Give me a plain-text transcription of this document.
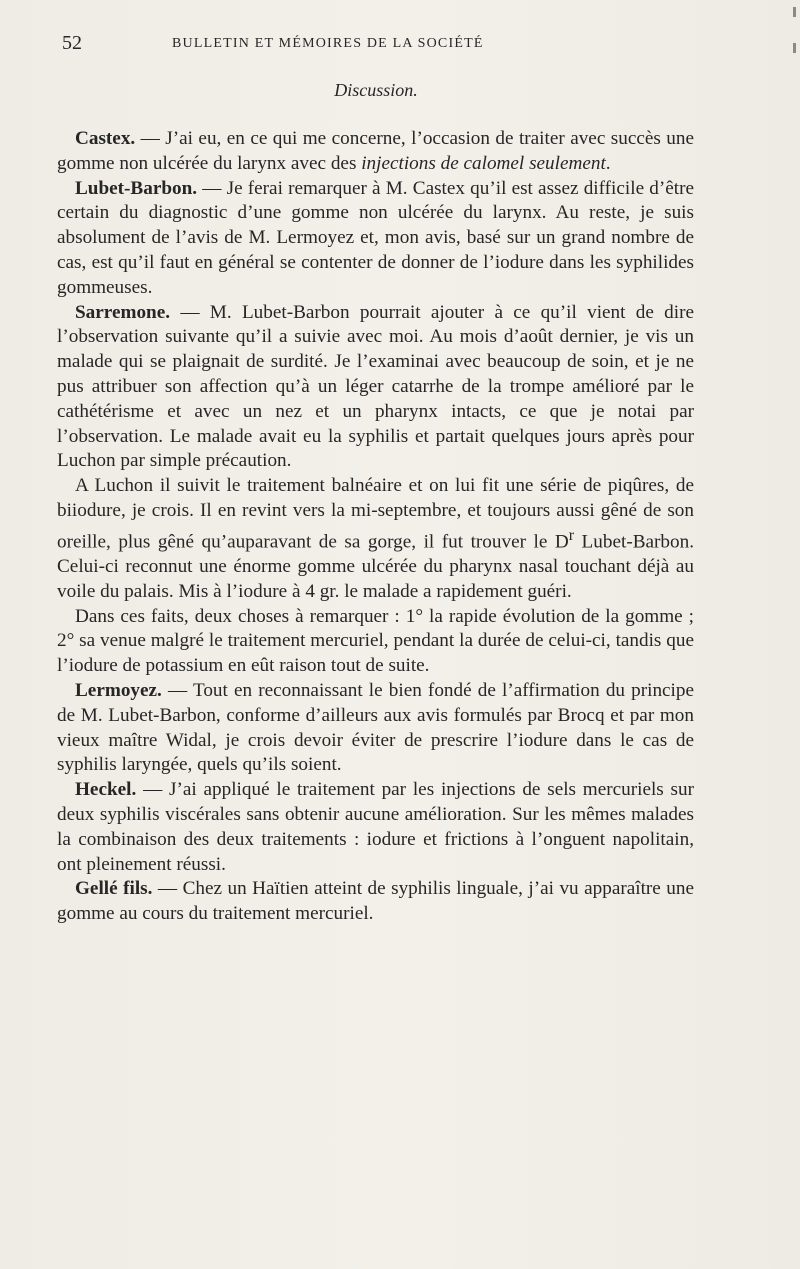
52	BULLETIN ET MÉMOIRES DE LA SOCIÉTÉ
Discussion.

Castex. — J’ai eu, en ce qui me concerne, l’occasion de traiter avec succès une gomme non ulcérée du larynx avec des injections de calomel seulement.

Lubet-Barbon. — Je ferai remarquer à M. Castex qu’il est assez difficile d’être certain du diagnostic d’une gomme non ulcérée du larynx. Au reste, je suis absolument de l’avis de M. Lermoyez et, mon avis, basé sur un grand nombre de cas, est qu’il faut en général se contenter de donner de l’iodure dans les syphilides gommeuses.

Sarremone. — M. Lubet-Barbon pourrait ajouter à ce qu’il vient de dire l’observation suivante qu’il a suivie avec moi. Au mois d’août dernier, je vis un malade qui se plaignait de surdité. Je l’examinai avec beaucoup de soin, et je ne pus attribuer son affection qu’à un léger catarrhe de la trompe amélioré par le cathétérisme et avec un nez et un pharynx intacts, ce que je notai par l’observation. Le malade avait eu la syphilis et partait quelques jours après pour Luchon par simple précaution.

A Luchon il suivit le traitement balnéaire et on lui fit une série de piqûres, de biiodure, je crois. Il en revint vers la mi-septembre, et toujours aussi gêné de son oreille, plus gêné qu’auparavant de sa gorge, il fut trouver le $D^r$ Lubet-Barbon. Celui-ci reconnut une énorme gomme ulcérée du pharynx nasal touchant déjà au voile du palais. Mis à l’iodure à 4 gr. le malade a rapidement guéri.

Dans ces faits, deux choses à remarquer : 1° la rapide évolution de la gomme ; 2° sa venue malgré le traitement mercuriel, pendant la durée de celui-ci, tandis que l’iodure de potassium en eût raison tout de suite.

Lermoyez. — Tout en reconnaissant le bien fondé de l’affirmation du principe de M. Lubet-Barbon, conforme d’ailleurs aux avis formulés par Brocq et par mon vieux maître Widal, je crois devoir éviter de prescrire l’iodure dans le cas de syphilis laryngée, quels qu’ils soient.

Heckel. — J’ai appliqué le traitement par les injections de sels mercuriels sur deux syphilis viscérales sans obtenir aucune amélioration. Sur les mêmes malades la combinaison des deux traitements : iodure et frictions à l’onguent napolitain, ont pleinement réussi.

Gellé fils. — Chez un Haïtien atteint de syphilis linguale, j’ai vu apparaître une gomme au cours du traitement mercuriel.
